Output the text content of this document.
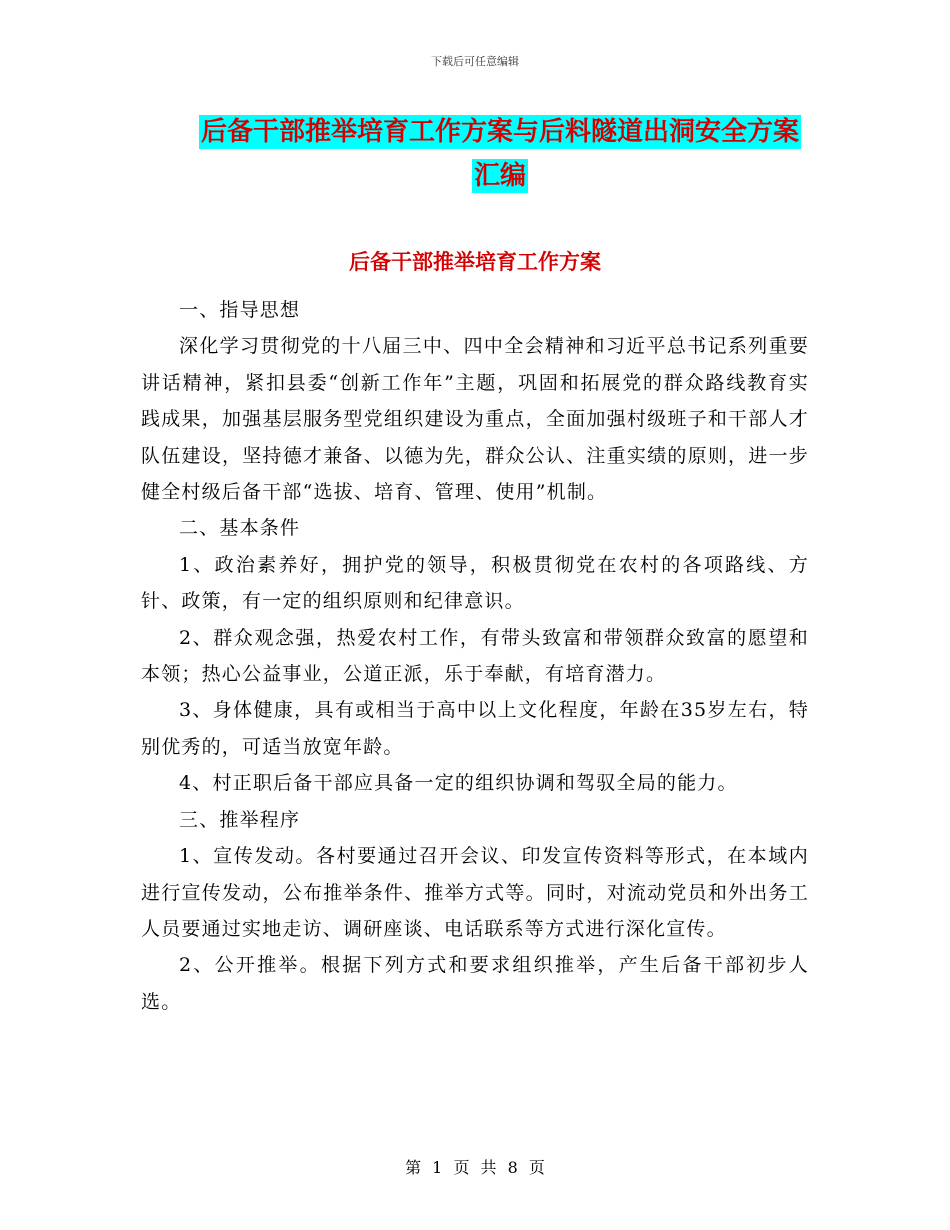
下载后可任意编辑
后备干部推举培育工作方案与后料隧道出洞安全方案
汇编
后备干部推举培育工作方案

一、指导思想

深化学习贯彻党的十八届三中、四中全会精神和习近平总书记系列重要讲话精神，紧扣县委“创新工作年”主题，巩固和拓展党的群众路线教育实践成果，加强基层服务型党组织建设为重点，全面加强村级班子和干部人才队伍建设，坚持德才兼备、以德为先，群众公认、注重实绩的原则，进一步健全村级后备干部“选拔、培育、管理、使用”机制。

二、基本条件

1、政治素养好，拥护党的领导，积极贯彻党在农村的各项路线、方针、政策，有一定的组织原则和纪律意识。

2、群众观念强，热爱农村工作，有带头致富和带领群众致富的愿望和本领；热心公益事业，公道正派，乐于奉献，有培育潜力。

3、身体健康，具有或相当于高中以上文化程度，年龄在35岁左右，特别优秀的，可适当放宽年龄。

4、村正职后备干部应具备一定的组织协调和驾驭全局的能力。

三、推举程序

1、宣传发动。各村要通过召开会议、印发宣传资料等形式，在本域内进行宣传发动，公布推举条件、推举方式等。同时，对流动党员和外出务工人员要通过实地走访、调研座谈、电话联系等方式进行深化宣传。

2、公开推举。根据下列方式和要求组织推举，产生后备干部初步人选。

第 1 页 共 8 页
